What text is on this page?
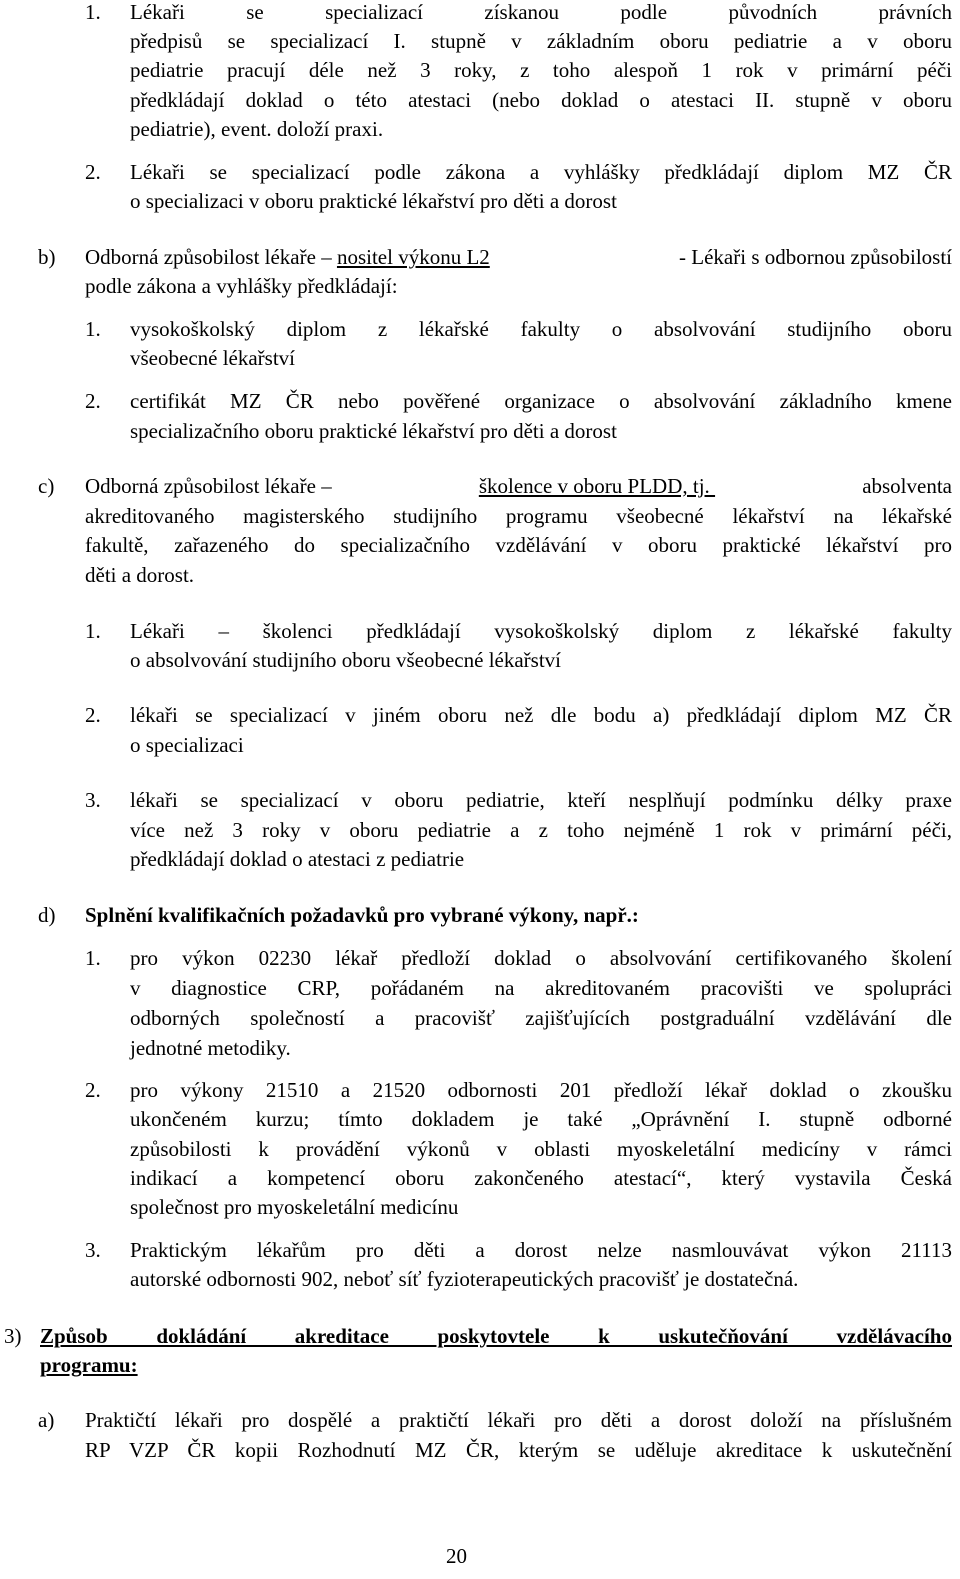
1. Lékaři se specializací získanou podle původních právních
předpisů se specializací I. stupně v základním oboru pediatrie a v oboru
pediatrie pracují déle než 3 roky, z toho alespoň 1 rok v primární péči
předkládají doklad o této atestaci (nebo doklad o atestaci II. stupně v oboru
pediatrie), event. doloží praxi.
2. Lékaři se specializací podle zákona a vyhlášky předkládají diplom MZ ČR
o specializaci v oboru praktické lékařství pro děti a dorost
b) Odborná způsobilost lékaře – nositel výkonu L2	- Lékaři s odbornou způsobilostí
podle zákona a vyhlášky předkládají:
1. vysokoškolský diplom z lékařské fakulty o absolvování studijního oboru
všeobecné lékařství
2. certifikát MZ ČR nebo pověřené organizace o absolvování základního kmene
specializačního oboru praktické lékařství pro děti a dorost
c) Odborná způsobilost lékaře –	školence v oboru PLDD, tj.	absolventa
akreditovaného magisterského studijního programu všeobecné lékařství na lékařské
fakultě, zařazeného do specializačního vzdělávání v oboru praktické lékařství pro
děti a dorost.
1. Lékaři – školenci předkládají vysokoškolský diplom z lékařské fakulty
o absolvování studijního oboru všeobecné lékařství
2. lékaři se specializací v jiném oboru než dle bodu a) předkládají diplom MZ ČR
o specializaci
3. lékaři se specializací v oboru pediatrie, kteří nesplňují podmínku délky praxe
více než 3 roky v oboru pediatrie a z toho nejméně 1 rok v primární péči,
předkládají doklad o atestaci z pediatrie
d) Splnění kvalifikačních požadavků pro vybrané výkony, např.:
1. pro výkon 02230 lékař předloží doklad o absolvování certifikovaného školení
v diagnostice CRP, pořádaném na akreditovaném pracovišti ve spolupráci
odborných společností a pracovišť zajišťujících postgraduální vzdělávání dle
jednotné metodiky.
2. pro výkony 21510 a 21520 odbornosti 201 předloží lékař doklad o zkoušku
ukončeném kurzu; tímto dokladem je také „Oprávnění I. stupně odborné
způsobilosti k provádění výkonů v oblasti myoskeletální medicíny v rámci
indikací a kompetencí oboru zakončeného atestací“, který vystavila Česká
společnost pro myoskeletální medicínu
3. Praktickým lékařům pro děti a dorost nelze nasmlouvávat výkon 21113
autorské odbornosti 902, neboť síť fyzioterapeutických pracovišť je dostatečná.
3) Způsob dokládání akreditace poskytovtele k uskutečňování vzdělávacího
programu:
a) Praktičtí lékaři pro dospělé a praktičtí lékaři pro děti a dorost doloží na příslušném
RP VZP ČR kopii Rozhodnutí MZ ČR, kterým se uděluje akreditace k uskutečnění
20
